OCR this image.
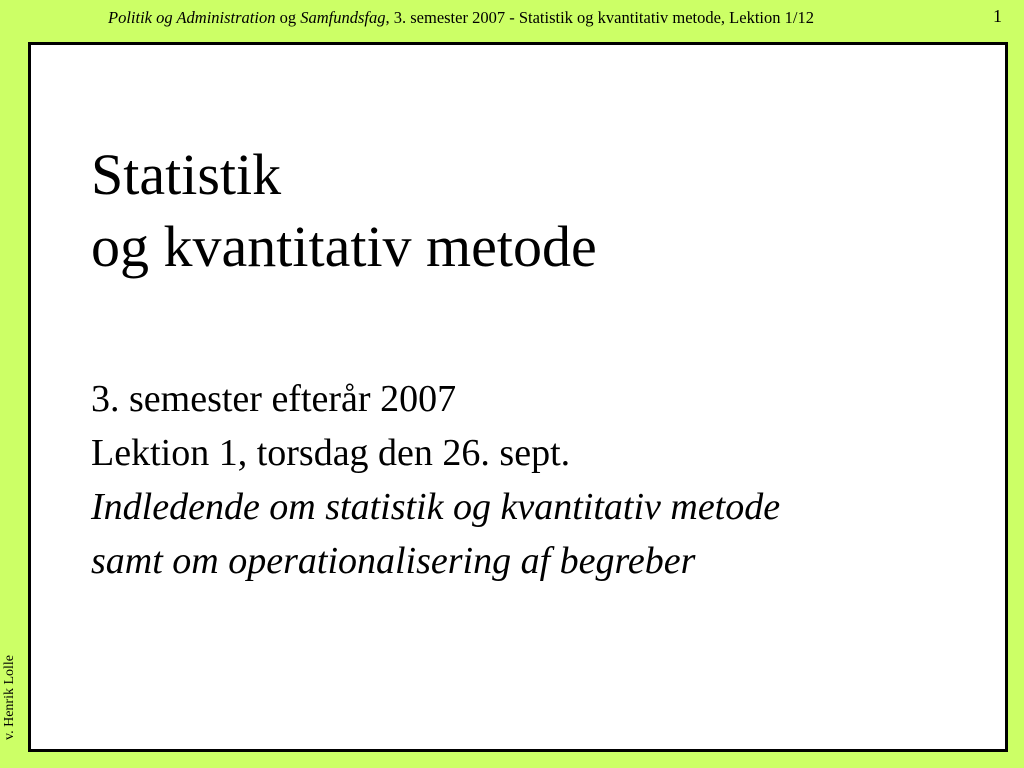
Politik og Administration og Samfundsfag, 3. semester 2007 - Statistik og kvantitativ metode, Lektion 1/12	1
v. Henrik Lolle
Statistik
og kvantitativ metode
3. semester efterår 2007
Lektion 1, torsdag den 26. sept.
Indledende om statistik og kvantitativ metode
samt om operationalisering af begreber
